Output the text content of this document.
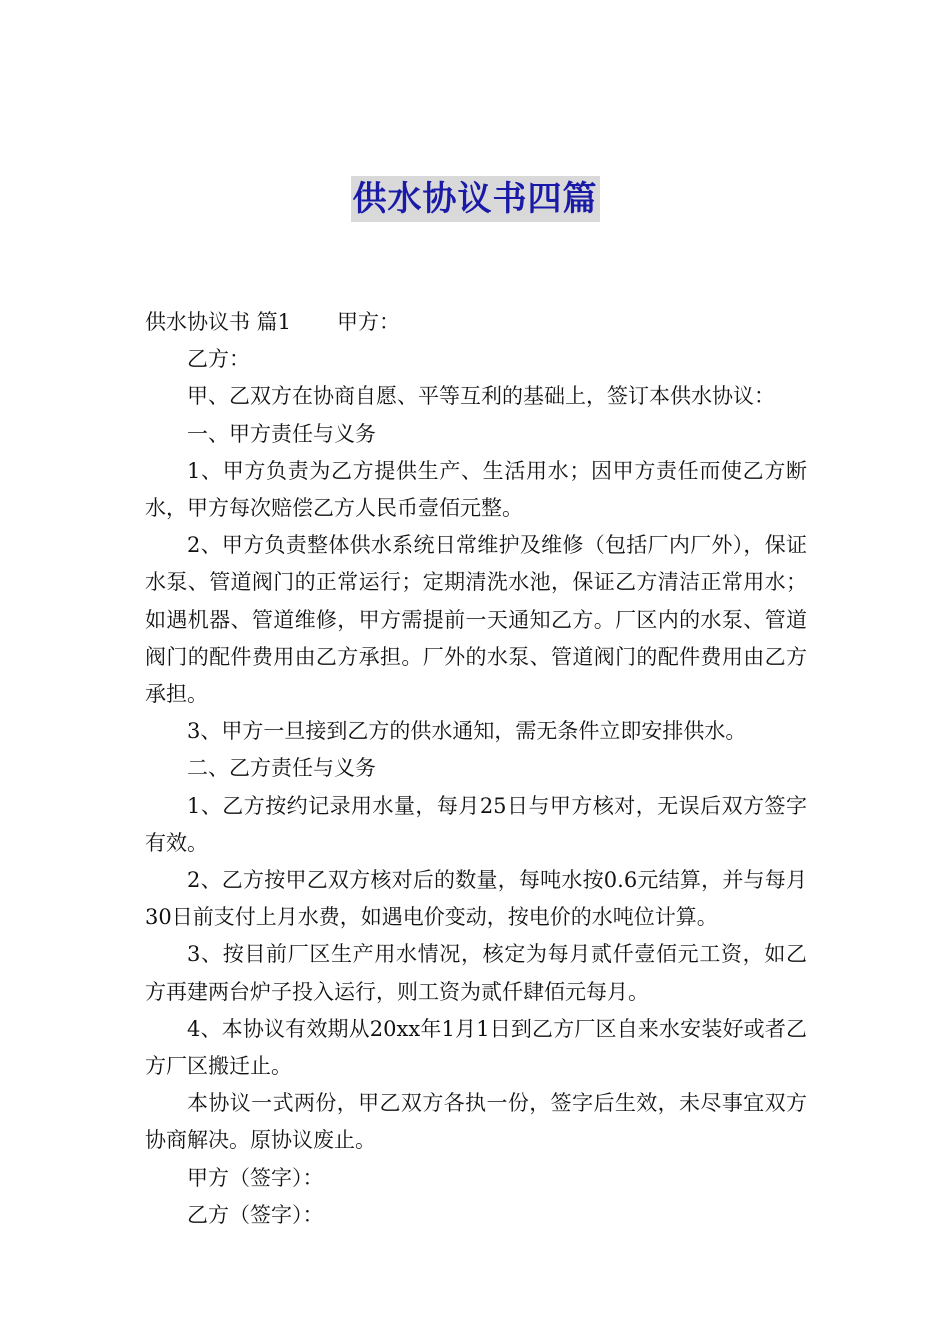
供水协议书四篇

供水协议书 篇1 甲方：

乙方：

甲、乙双方在协商自愿、平等互利的基础上，签订本供水协议：

一、甲方责任与义务

1、甲方负责为乙方提供生产、生活用水；因甲方责任而使乙方断水，甲方每次赔偿乙方人民币壹佰元整。

2、甲方负责整体供水系统日常维护及维修（包括厂内厂外），保证水泵、管道阀门的正常运行；定期清洗水池，保证乙方清洁正常用水；如遇机器、管道维修，甲方需提前一天通知乙方。厂区内的水泵、管道阀门的配件费用由乙方承担。厂外的水泵、管道阀门的配件费用由乙方承担。

3、甲方一旦接到乙方的供水通知，需无条件立即安排供水。

二、乙方责任与义务

1、乙方按约记录用水量，每月25日与甲方核对，无误后双方签字有效。

2、乙方按甲乙双方核对后的数量，每吨水按0.6元结算，并与每月30日前支付上月水费，如遇电价变动，按电价的水吨位计算。

3、按目前厂区生产用水情况，核定为每月贰仟壹佰元工资，如乙方再建两台炉子投入运行，则工资为贰仟肆佰元每月。

4、本协议有效期从20xx年1月1日到乙方厂区自来水安装好或者乙方厂区搬迁止。

本协议一式两份，甲乙双方各执一份，签字后生效，未尽事宜双方协商解决。原协议废止。

甲方（签字）：

乙方（签字）：
